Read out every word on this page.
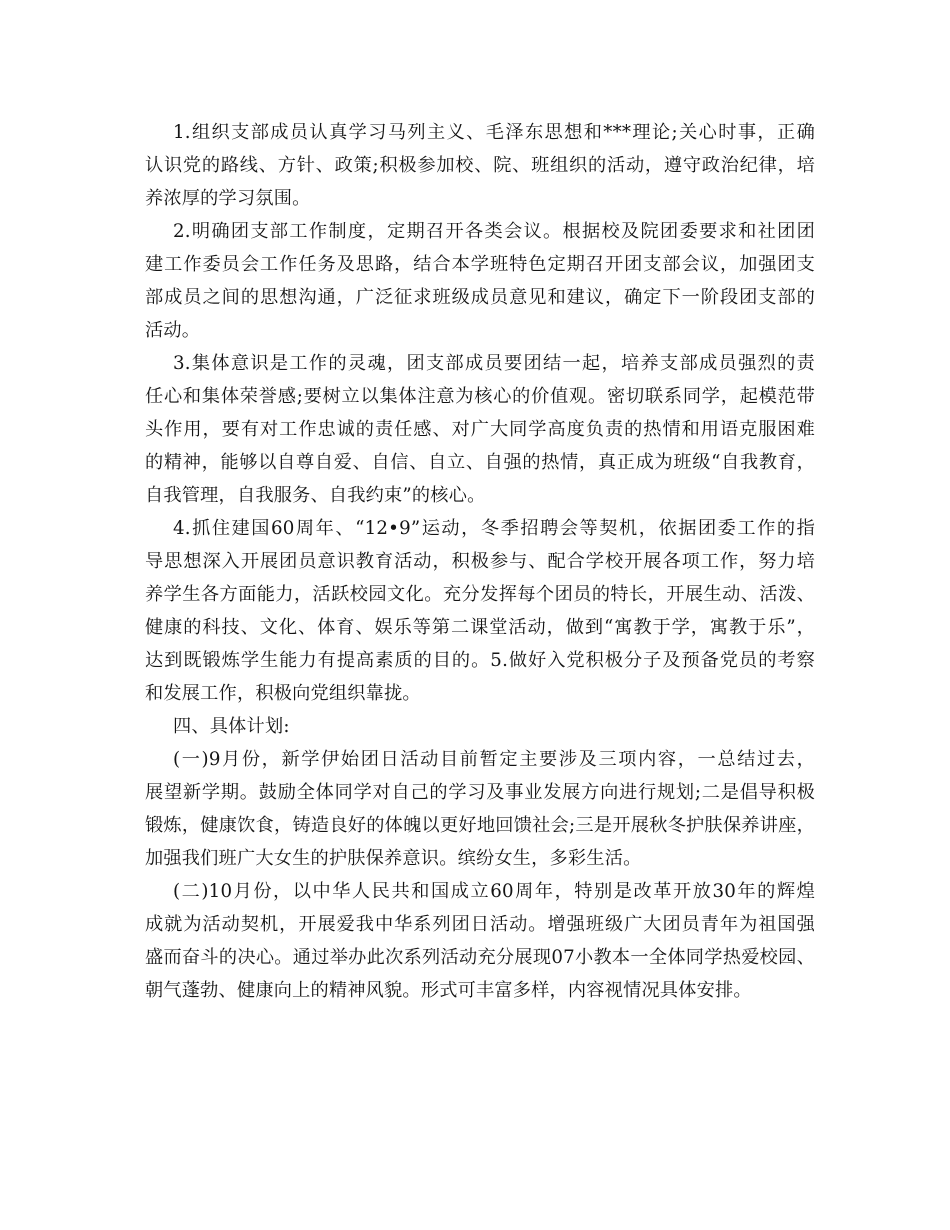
1.组织支部成员认真学习马列主义、毛泽东思想和***理论;关心时事，正确
认识党的路线、方针、政策;积极参加校、院、班组织的活动，遵守政治纪律，培
养浓厚的学习氛围。
2.明确团支部工作制度，定期召开各类会议。根据校及院团委要求和社团团
建工作委员会工作任务及思路，结合本学班特色定期召开团支部会议，加强团支
部成员之间的思想沟通，广泛征求班级成员意见和建议，确定下一阶段团支部的
活动。
3.集体意识是工作的灵魂，团支部成员要团结一起，培养支部成员强烈的责
任心和集体荣誉感;要树立以集体注意为核心的价值观。密切联系同学，起模范带
头作用，要有对工作忠诚的责任感、对广大同学高度负责的热情和用语克服困难
的精神，能够以自尊自爱、自信、自立、自强的热情，真正成为班级“自我教育，
自我管理，自我服务、自我约束”的核心。
4.抓住建国60周年、“12•9”运动，冬季招聘会等契机，依据团委工作的指
导思想深入开展团员意识教育活动，积极参与、配合学校开展各项工作，努力培
养学生各方面能力，活跃校园文化。充分发挥每个团员的特长，开展生动、活泼、
健康的科技、文化、体育、娱乐等第二课堂活动，做到“寓教于学，寓教于乐”，
达到既锻炼学生能力有提高素质的目的。5.做好入党积极分子及预备党员的考察
和发展工作，积极向党组织靠拢。
四、具体计划:
(一)9月份，新学伊始团日活动目前暂定主要涉及三项内容，一总结过去，
展望新学期。鼓励全体同学对自己的学习及事业发展方向进行规划;二是倡导积极
锻炼，健康饮食，铸造良好的体魄以更好地回馈社会;三是开展秋冬护肤保养讲座，
加强我们班广大女生的护肤保养意识。缤纷女生，多彩生活。
(二)10月份，以中华人民共和国成立60周年，特别是改革开放30年的辉煌
成就为活动契机，开展爱我中华系列团日活动。增强班级广大团员青年为祖国强
盛而奋斗的决心。通过举办此次系列活动充分展现07小教本一全体同学热爱校园、
朝气蓬勃、健康向上的精神风貌。形式可丰富多样，内容视情况具体安排。
